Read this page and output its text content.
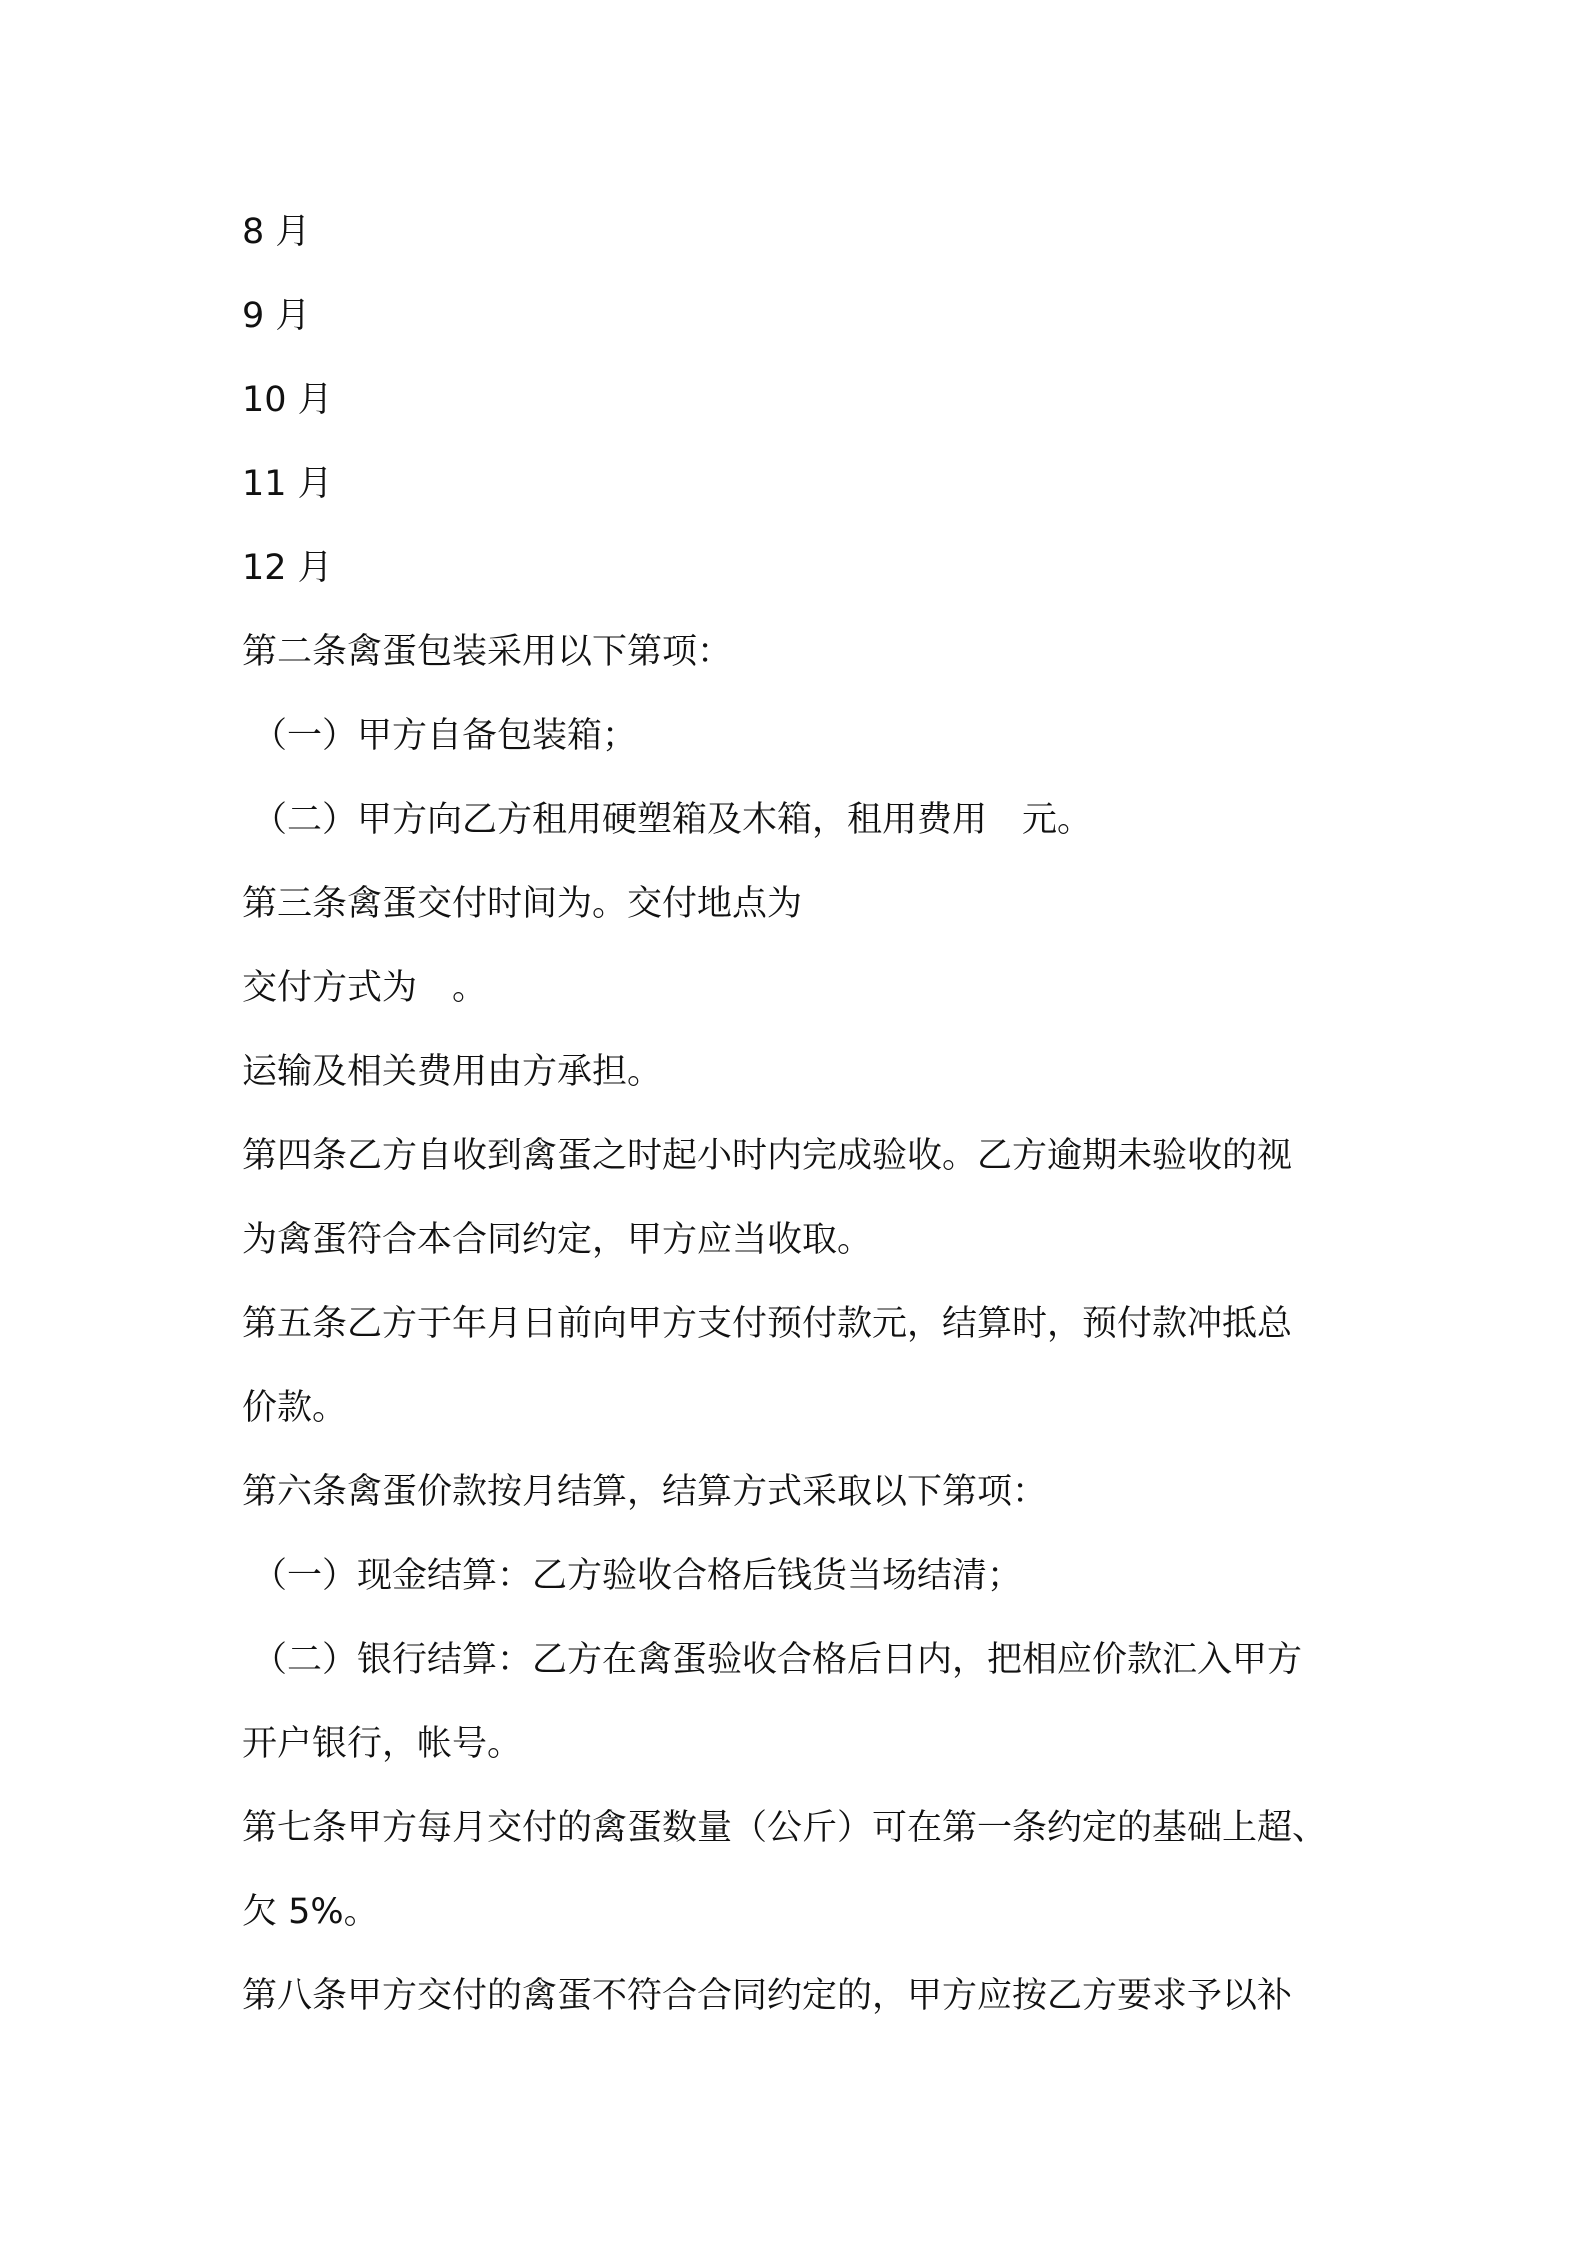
8 月
9 月
10 月
11 月
12 月
第二条禽蛋包装采用以下第项：
（一）甲方自备包装箱；
（二）甲方向乙方租用硬塑箱及木箱，租用费用　元。
第三条禽蛋交付时间为。交付地点为
交付方式为　。
运输及相关费用由方承担。
第四条乙方自收到禽蛋之时起小时内完成验收。乙方逾期未验收的视
为禽蛋符合本合同约定，甲方应当收取。
第五条乙方于年月日前向甲方支付预付款元，结算时，预付款冲抵总
价款。
第六条禽蛋价款按月结算，结算方式采取以下第项：
（一）现金结算：乙方验收合格后钱货当场结清；
（二）银行结算：乙方在禽蛋验收合格后日内，把相应价款汇入甲方
开户银行，帐号。
第七条甲方每月交付的禽蛋数量（公斤）可在第一条约定的基础上超、
欠 5%。
第八条甲方交付的禽蛋不符合合同约定的，甲方应按乙方要求予以补
